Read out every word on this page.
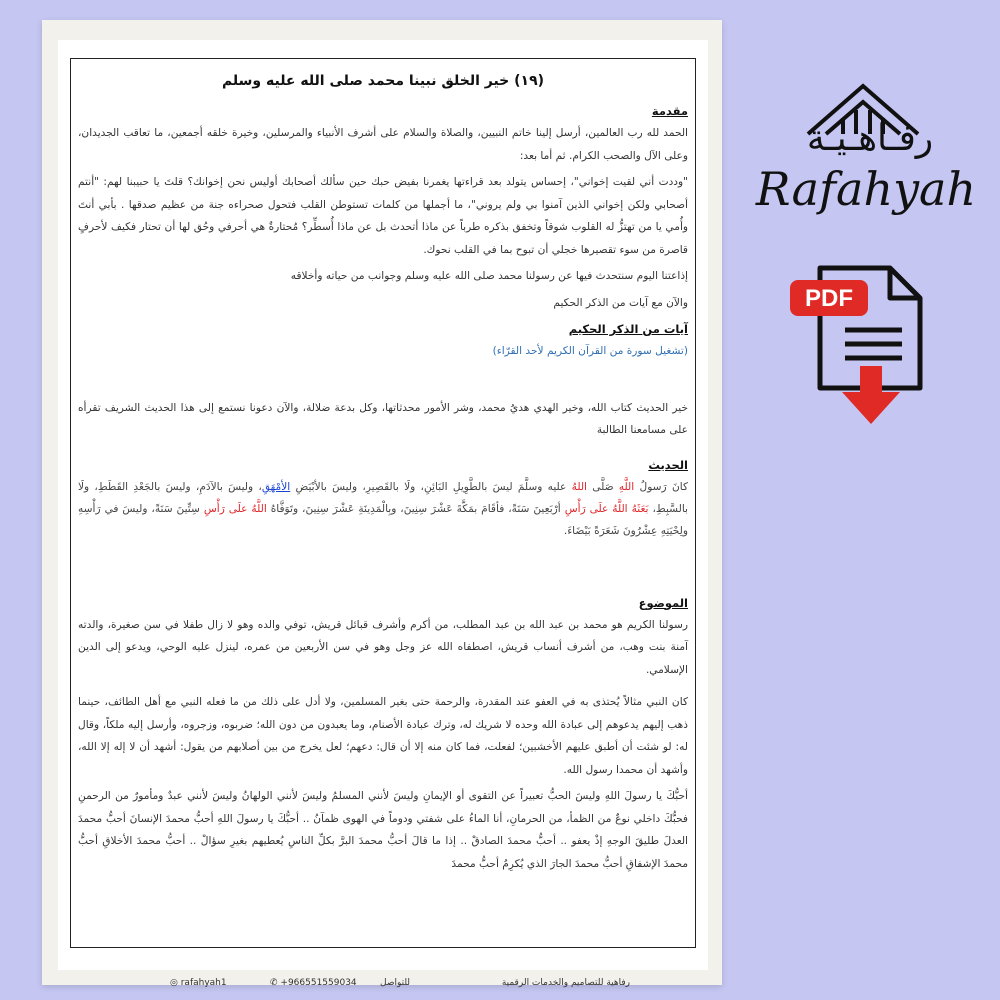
(١٩) خير الخلق نبينا محمد صلى الله عليه وسلم
مقدمة
الحمد لله رب العالمين، أرسل إلينا خاتم النبيين، والصلاة والسلام على أشرف الأنبياء والمرسلين، وخيرة خلقه أجمعين، ما تعاقب الجديدان، وعلى الآل والصحب الكرام. ثم أما بعد:
"وددت أني لقيت إخواني"، إحساس يتولد بعد قراءتها يغمرنا بفيض حبك حين سألك أصحابك أوليس نحن إخوانك؟ قلتَ يا حبيبنا لهم: "أنتم أصحابي ولكن إخواني الذين آمنوا بي ولم يروني"، ما أجملها من كلمات تستوطن القلب فتحول صحراءه جنة من عظيم صدقها . بأبي أنتَ وأُمي يا من تهتزُّ له القلوب شوقاً وتخفق بذكره طرباً عن ماذا أتحدث بل عن ماذا أُسطِّر؟ مُحتارةٌ هي أحرفي وحُق لها أن تحتار فكيف لأحرفٍ قاصرة من سوء تقصيرها خجلي أن تبوح بما في القلب نحوك.
إذاعتنا اليوم سنتحدث فيها عن رسولنا محمد صلى الله عليه وسلم وجوانب من حياته وأخلاقه
والآن مع آيات من الذكر الحكيم
آيات من الذكر الحكيم
(تشغيل سورة من القرآن الكريم لأحد القرّاء)
خير الحديث كتاب الله، وخير الهدي هديُ محمد، وشر الأمور محدثاتها، وكل بدعة ضلالة، والآن دعونا نستمع إلى هذا الحديث الشريف تقرأه على مسامعنا الطالبة
الحديث
كانَ رَسولُ اللَّهِ صَلَّى اللهُ عليه وسلَّمَ ليسَ بالطَّوِيلِ البَائِنِ، ولَا بالقَصِيرِ، وليسَ بالأبْيَضِ الأمْهَقِ، وليسَ بالآدَمِ، وليسَ بالجَعْدِ القَطَطِ، ولَا بالسَّبِطِ، بَعَثَهُ اللَّهُ علَى رَأْسِ أرْبَعِينَ سَنَةً، فأقَامَ بمَكَّةَ عَشْرَ سِنِينَ، وبِالْمَدِينَةِ عَشْرَ سِنِينَ، وتَوَفَّاهُ اللَّهُ علَى رَأْسِ سِتِّينَ سَنَةً، وليسَ في رَأْسِهِ ولِحْيَتِهِ عِشْرُونَ شَعَرَةً بَيْضَاءَ.
الموضوع
رسولنا الكريم هو محمد بن عبد الله بن عبد المطلب، من أكرم وأشرف قبائل قريش، توفي والده وهو لا زال طفلا في سن صغيرة، والدته آمنة بنت وهب، من أشرف أنساب قريش، اصطفاه الله عز وجل وهو في سن الأربعين من عمره، لينزل عليه الوحي، ويدعو إلى الدين الإسلامي.
كان النبي مثالاً يُحتذى به في العفو عند المقدرة، والرحمة حتى بغير المسلمين، ولا أدل على ذلك من ما فعله النبي مع أهل الطائف، حينما ذهب إليهم يدعوهم إلى عبادة الله وحده لا شريك له، وترك عبادة الأصنام، وما يعبدون من دون الله؛ ضربوه، وزجروه، وأرسل إليه ملكاً، وقال له: لو شئت أن أطبق عليهم الأخشبين؛ لفعلت، فما كان منه إلا أن قال: دعهم؛ لعل يخرج من بين أصلابهم من يقول: أشهد أن لا إله إلا الله، وأشهد أن محمدا رسول الله.
أحبُّكَ يا رسولَ اللهِ وليسَ الحبُّ تعبيراً عن التقوى أو الإيمانِ وليسَ لأنني المسلمُ وليسَ لأنني الولهانُ وليسَ لأنني عبدٌ ومأمورٌ من الرحمنِ فحبُّكَ داخلي نوعٌ من الظمأ، من الحرمانِ، أنا الماءُ على شفتي ودوماً في الهوى ظمآنُ .. أحبُّكَ يا رسولَ اللهِ أحبُّ محمدَ الإنسانَ أحبُّ محمدَ العدلَ طليقَ الوجهِ إذْ يعفو .. أحبُّ محمدَ الصادقْ .. إذا ما قالَ أحبُّ محمدَ البرَّ بكلِّ الناسِ يُعطيهم بغيرِ سؤالْ .. أحبُّ محمدَ الأخلاقِ أحبُّ محمدَ الإشفاقِ أحبُّ محمدَ الجارَ الذي يُكرِمُ أحبُّ محمدَ
رفاهية للتصاميم والخدمات الرقمية
للتواصل
✆ +966551559034
◎ rafahyah1
رفـاهـيـة
Rafahyah
PDF
